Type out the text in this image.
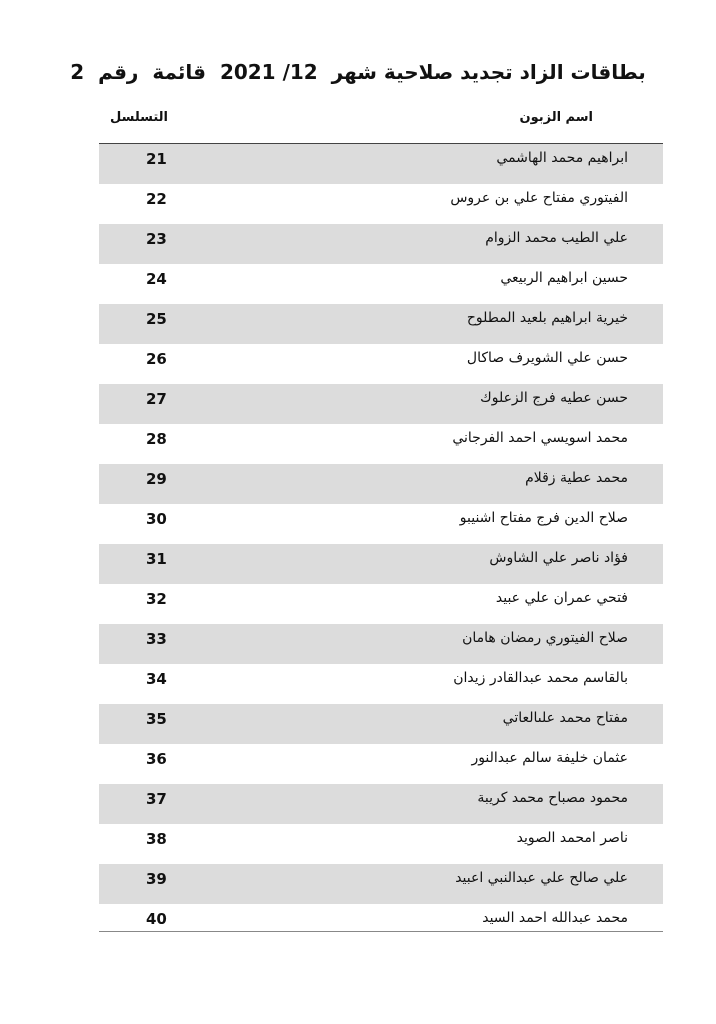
بطاقات الزاد تجديد صلاحية شهر  12/ 2021  قائمة  رقم  2
اسم الزبون
التسلسل
ابراهيم محمد الهاشمي
21
الفيتوري مفتاح علي بن عروس
22
علي الطيب محمد الزوام
23
حسين ابراهيم الربيعي
24
خيرية ابراهيم بلعيد المطلوح
25
حسن علي الشويرف صاكال
26
حسن عطيه فرج الزعلوك
27
محمد اسويسي احمد الفرجاني
28
محمد عطية زقلام
29
صلاح الدين فرج مفتاح اشنيبو
30
فؤاد ناصر علي الشاوش
31
فتحي عمران علي عبيد
32
صلاح الفيتوري رمضان هامان
33
بالقاسم محمد عبدالقادر زيدان
34
مفتاح محمد علىالعاتي
35
عثمان خليفة سالم عبدالنور
36
محمود مصباح محمد كريبة
37
ناصر امحمد الصويد
38
علي صالح علي عبدالنبي اعبيد
39
محمد عبدالله احمد السيد
40
